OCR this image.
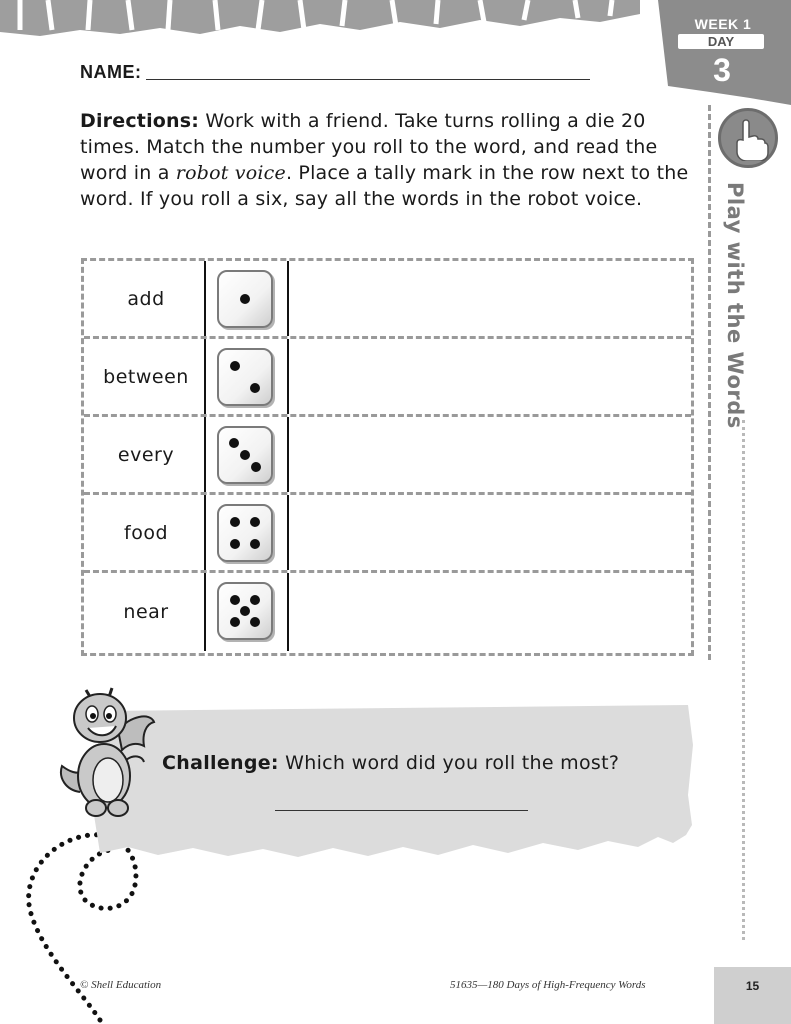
WEEK 1
DAY
3
Play with the Words
NAME:
Directions: Work with a friend. Take turns rolling a die 20 times. Match the number you roll to the word, and read the word in a robot voice. Place a tally mark in the row next to the word. If you roll a six, say all the words in the robot voice.
add
between
every
food
near
Challenge: Which word did you roll the most?
© Shell Education	51635—180 Days of High-Frequency Words	15
